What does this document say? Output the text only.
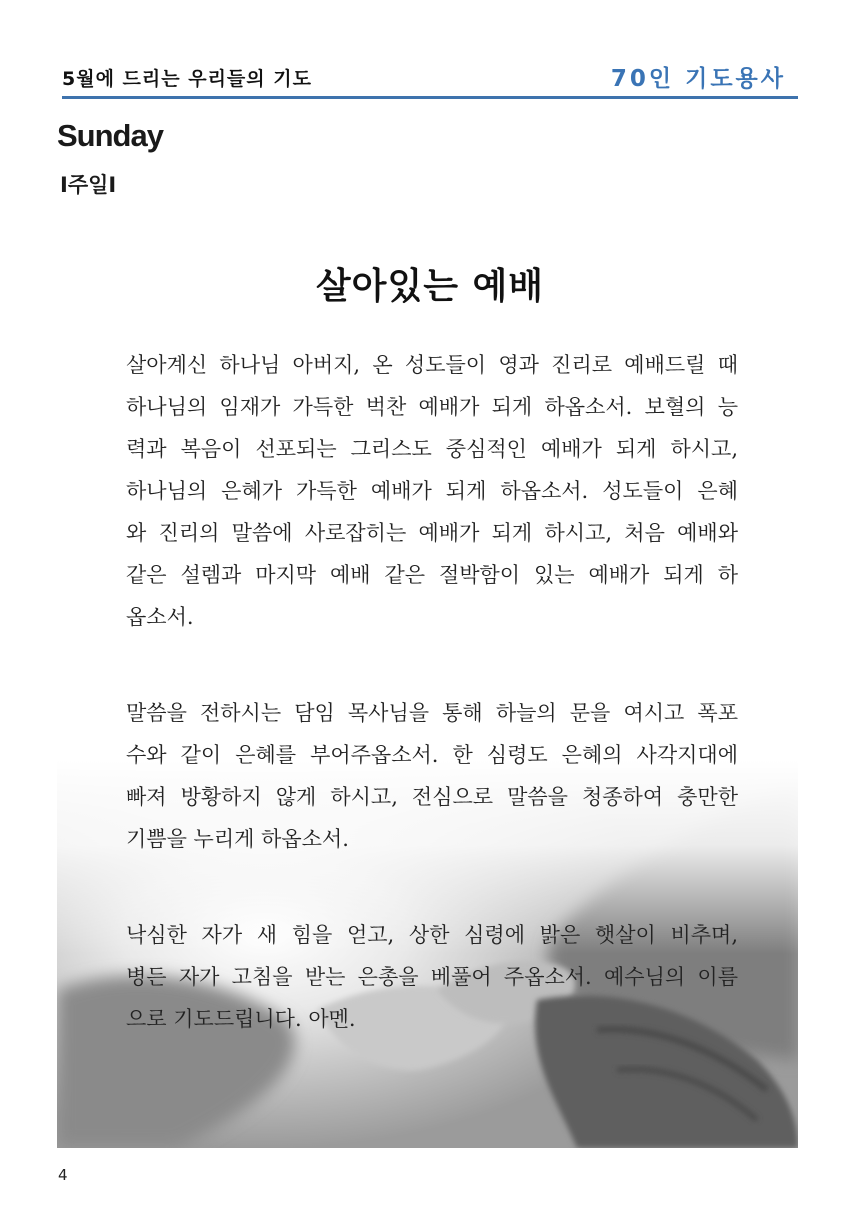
5월에 드리는 우리들의 기도	70인 기도용사
Sunday
I주일I
살아있는 예배
살아계신 하나님 아버지, 온 성도들이 영과 진리로 예배드릴 때
하나님의 임재가 가득한 벅찬 예배가 되게 하옵소서. 보혈의 능
력과 복음이 선포되는 그리스도 중심적인 예배가 되게 하시고,
하나님의 은혜가 가득한 예배가 되게 하옵소서. 성도들이 은혜
와 진리의 말씀에 사로잡히는 예배가 되게 하시고, 처음 예배와
같은 설렘과 마지막 예배 같은 절박함이 있는 예배가 되게 하
옵소서.
말씀을 전하시는 담임 목사님을 통해 하늘의 문을 여시고 폭포
수와 같이 은혜를 부어주옵소서. 한 심령도 은혜의 사각지대에
빠져 방황하지 않게 하시고, 전심으로 말씀을 청종하여 충만한
기쁨을 누리게 하옵소서.
낙심한 자가 새 힘을 얻고, 상한 심령에 밝은 햇살이 비추며,
병든 자가 고침을 받는 은총을 베풀어 주옵소서. 예수님의 이름
으로 기도드립니다. 아멘.
4
